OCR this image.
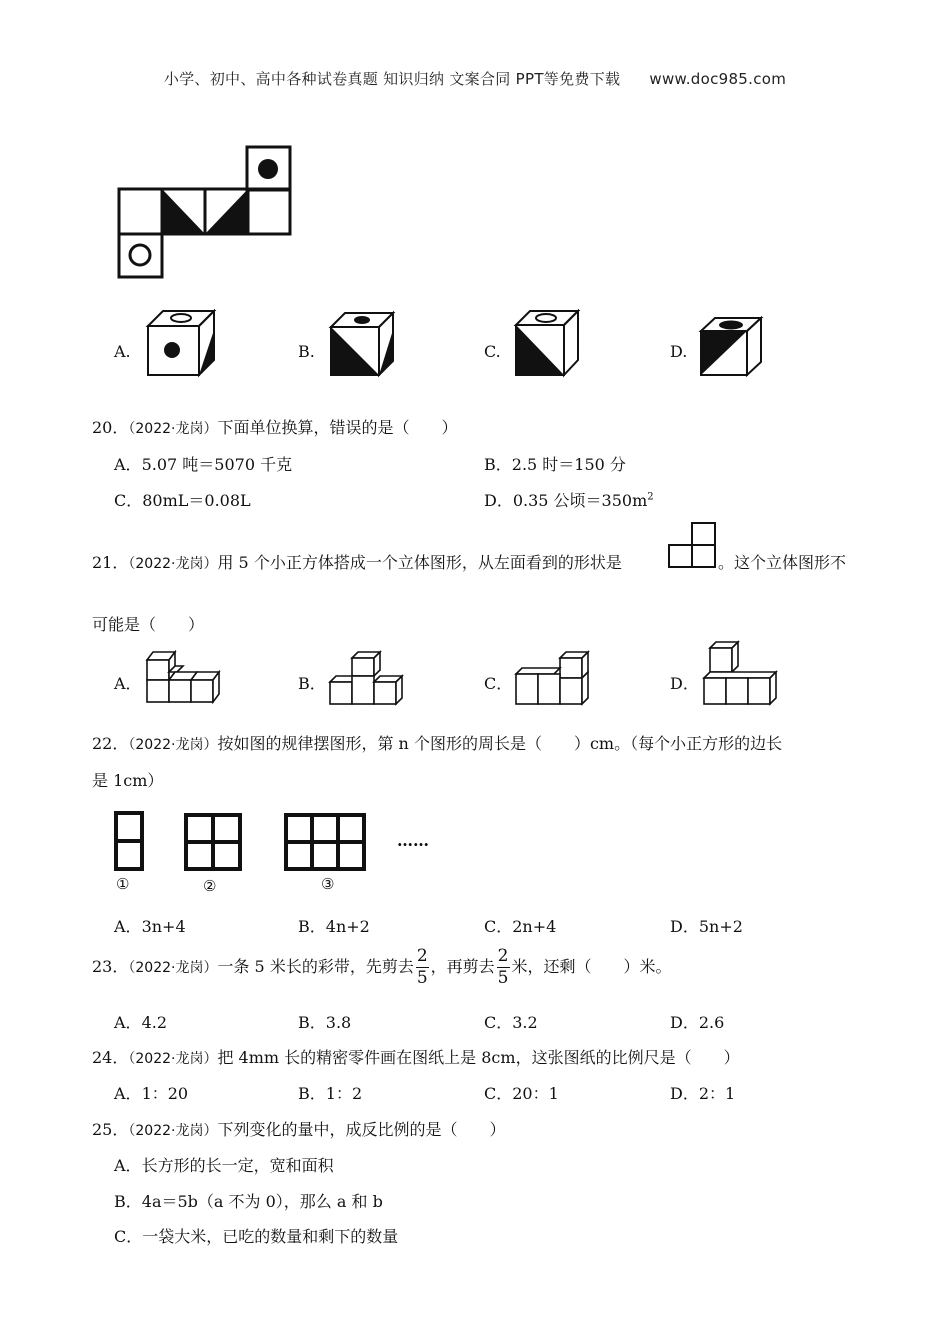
小学、初中、高中各种试卷真题 知识归纳 文案合同 PPT等免费下载 www.doc985.com
A.	B.	C.	D.
20．（2022·龙岗）下面单位换算，错误的是（　　）
A．5.07 吨＝5070 千克	B．2.5 时＝150 分
C．80mL＝0.08L	D．0.35 公顷$=350m^2$
21．（2022·龙岗）用 5 个小正方体搭成一个立体图形，从左面看到的形状是	。这个立体图形不
可能是（　　）
A．	B．	C．	D．
22．（2022·龙岗）按如图的规律摆图形，第 n 个图形的周长是（　　）cm。（每个小正方形的边长
是 1cm）
……
①	②	③
A．3n+4	B．4n+2	C．2n+4	D．5n+2
23．（2022·龙岗）一条 5 米长的彩带，先剪去 $\frac{2}{5}$ ，再剪去 $\frac{2}{5}$ 米，还剩（　　）米。
A．4.2	B．3.8	C．3.2	D．2.6
24．（2022·龙岗）把 4mm 长的精密零件画在图纸上是 8cm，这张图纸的比例尺是（　　）
A．1：20	B．1：2	C．20：1	D．2：1
25．（2022·龙岗）下列变化的量中，成反比例的是（　　）
A．长方形的长一定，宽和面积
B．4a＝5b（a 不为 0），那么 a 和 b
C．一袋大米，已吃的数量和剩下的数量
